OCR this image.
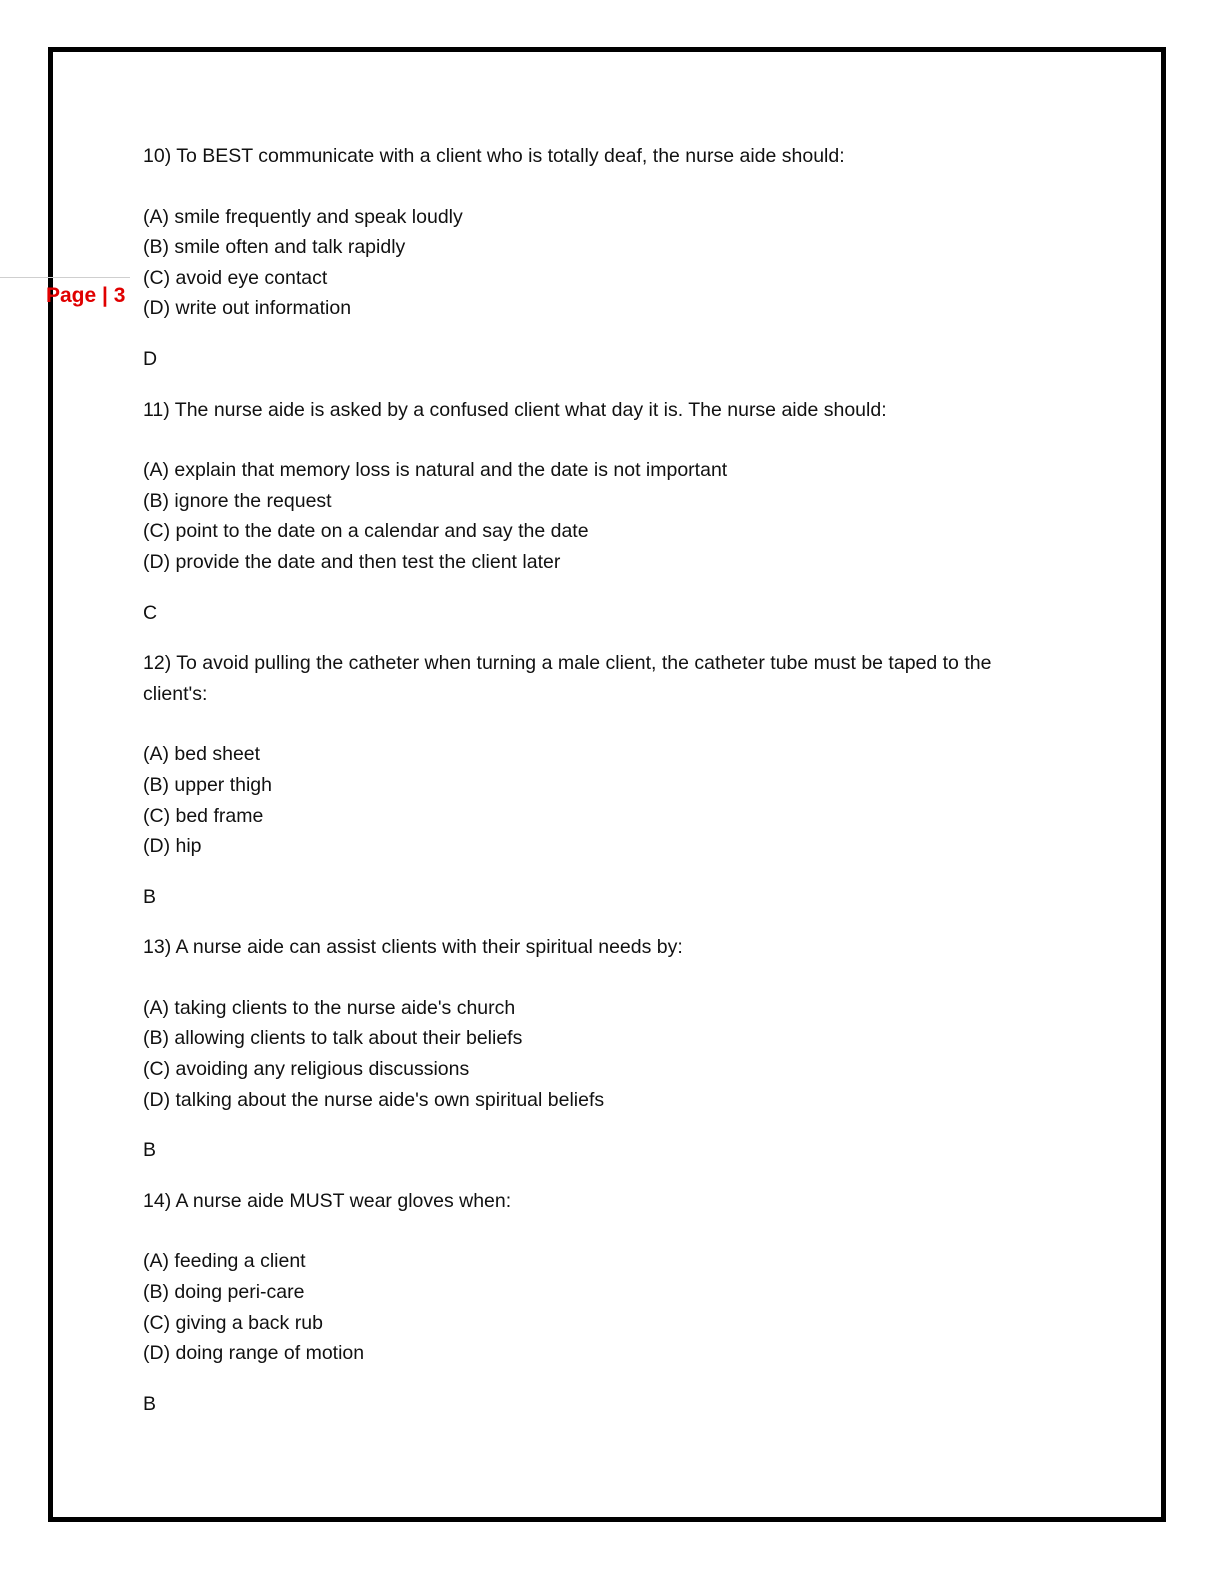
Page | 3

10) To BEST communicate with a client who is totally deaf, the nurse aide should:

(A) smile frequently and speak loudly

(B) smile often and talk rapidly

(C) avoid eye contact

(D) write out information

D

11) The nurse aide is asked by a confused client what day it is. The nurse aide should:

(A) explain that memory loss is natural and the date is not important

(B) ignore the request

(C) point to the date on a calendar and say the date

(D) provide the date and then test the client later

C

12) To avoid pulling the catheter when turning a male client, the catheter tube must be taped to the client's:

(A) bed sheet

(B) upper thigh

(C) bed frame

(D) hip

B

13) A nurse aide can assist clients with their spiritual needs by:

(A) taking clients to the nurse aide's church

(B) allowing clients to talk about their beliefs

(C) avoiding any religious discussions

(D) talking about the nurse aide's own spiritual beliefs

B

14) A nurse aide MUST wear gloves when:

(A) feeding a client

(B) doing peri-care

(C) giving a back rub

(D) doing range of motion

B
